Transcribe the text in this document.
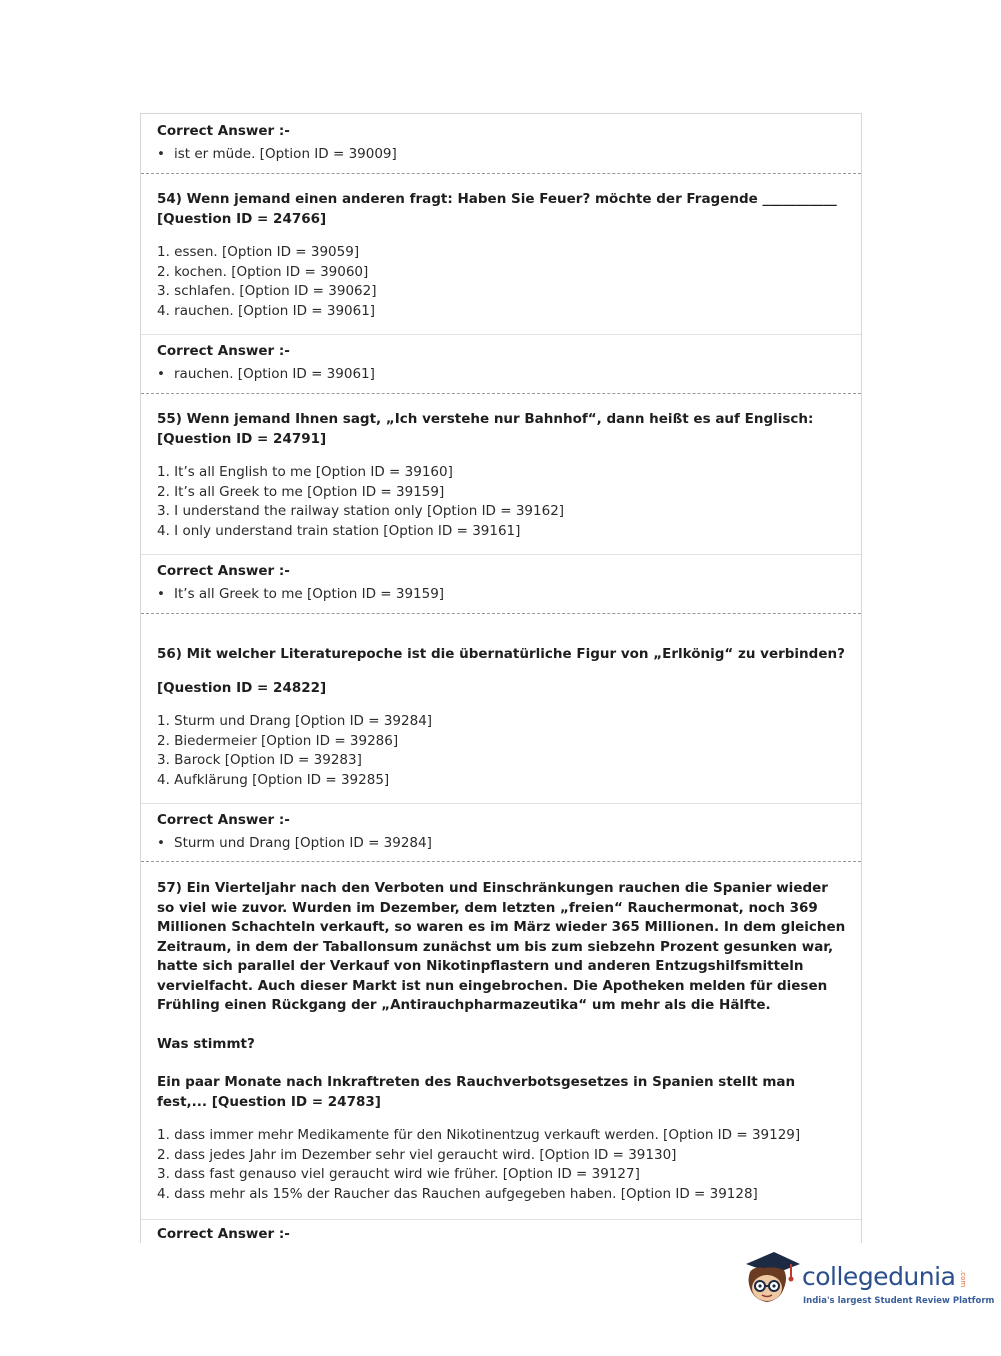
Correct Answer :-
• ist er müde. [Option ID = 39009]

54) Wenn jemand einen anderen fragt: Haben Sie Feuer? möchte der Fragende ___________ [Question ID = 24766]

1. essen. [Option ID = 39059]

2. kochen. [Option ID = 39060]

3. schlafen. [Option ID = 39062]

4. rauchen. [Option ID = 39061]

Correct Answer :-
• rauchen. [Option ID = 39061]

55) Wenn jemand Ihnen sagt, „Ich verstehe nur Bahnhof“, dann heißt es auf Englisch: [Question ID = 24791]

1. It’s all English to me [Option ID = 39160]

2. It’s all Greek to me [Option ID = 39159]

3. I understand the railway station only [Option ID = 39162]

4. I only understand train station [Option ID = 39161]

Correct Answer :-
• It’s all Greek to me [Option ID = 39159]

56) Mit welcher Literaturepoche ist die übernatürliche Figur von „Erlkönig“ zu verbinden?

[Question ID = 24822]

1. Sturm und Drang [Option ID = 39284]

2. Biedermeier [Option ID = 39286]

3. Barock [Option ID = 39283]

4. Aufklärung [Option ID = 39285]

Correct Answer :-
• Sturm und Drang [Option ID = 39284]

57) Ein Vierteljahr nach den Verboten und Einschränkungen rauchen die Spanier wieder so viel wie zuvor. Wurden im Dezember, dem letzten „freien“ Rauchermonat, noch 369 Millionen Schachteln verkauft, so waren es im März wieder 365 Millionen. In dem gleichen Zeitraum, in dem der Taballonsum zunächst um bis zum siebzehn Prozent gesunken war, hatte sich parallel der Verkauf von Nikotinpflastern und anderen Entzugshilfsmitteln vervielfacht. Auch dieser Markt ist nun eingebrochen. Die Apotheken melden für diesen Frühling einen Rückgang der „Antirauchpharmazeutika“ um mehr als die Hälfte.

Was stimmt?

Ein paar Monate nach Inkraftreten des Rauchverbotsgesetzes in Spanien stellt man fest,... [Question ID = 24783]

1. dass immer mehr Medikamente für den Nikotinentzug verkauft werden. [Option ID = 39129]

2. dass jedes Jahr im Dezember sehr viel geraucht wird. [Option ID = 39130]

3. dass fast genauso viel geraucht wird wie früher. [Option ID = 39127]

4. dass mehr als 15% der Raucher das Rauchen aufgegeben haben. [Option ID = 39128]

Correct Answer :-
collegedunia .com
India's largest Student Review Platform
